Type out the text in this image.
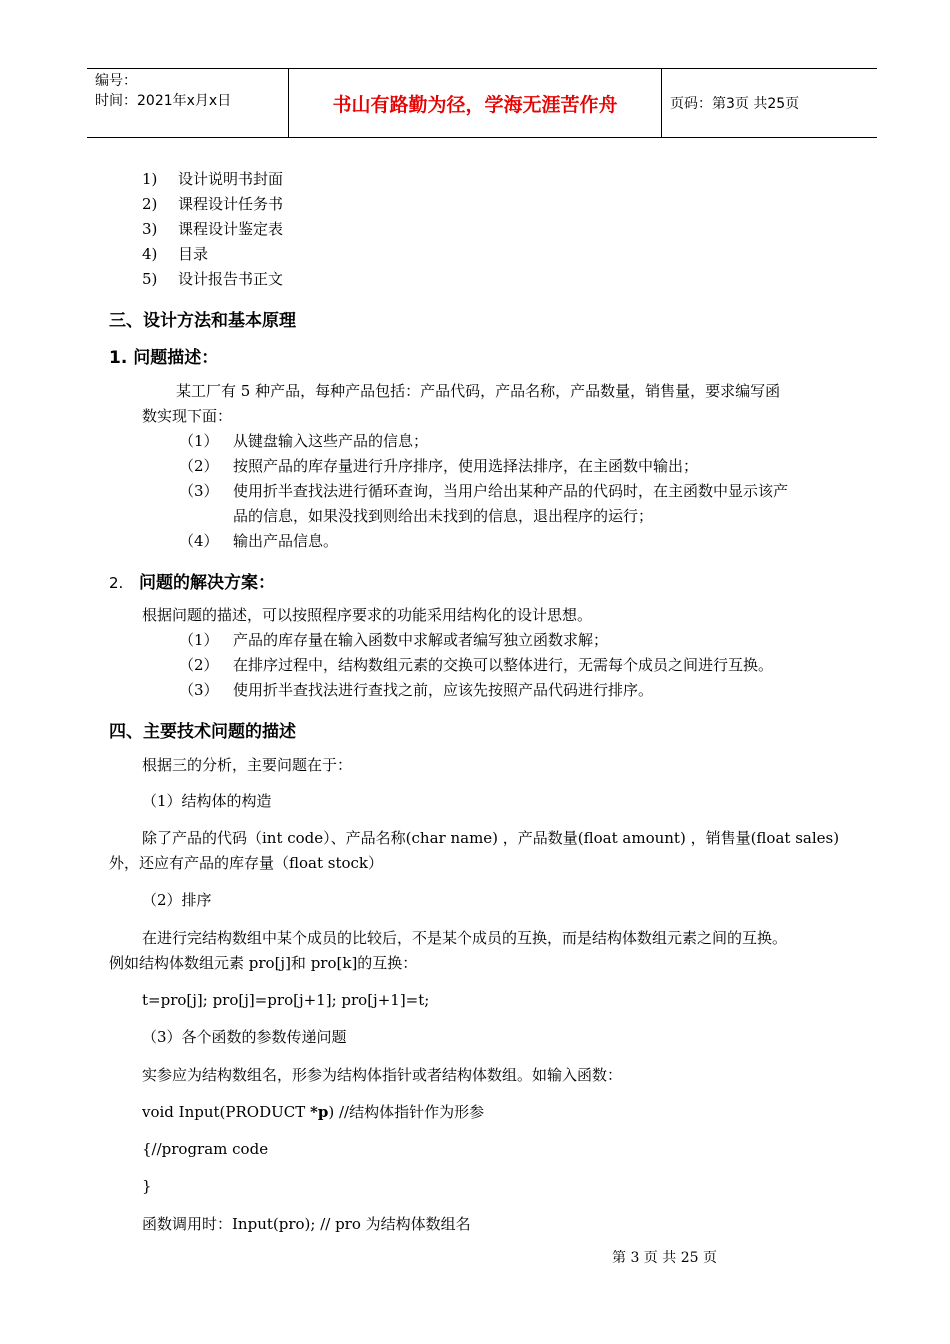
编号：
时间：2021年x月x日	书山有路勤为径，学海无涯苦作舟	页码：第3页 共25页
1) 设计说明书封面
2) 课程设计任务书
3) 课程设计鉴定表
4) 目录
5) 设计报告书正文
三、设计方法和基本原理
1. 问题描述：
某工厂有 5 种产品，每种产品包括：产品代码，产品名称，产品数量，销售量，要求编写函
数实现下面：
（1） 从键盘输入这些产品的信息；
（2） 按照产品的库存量进行升序排序，使用选择法排序，在主函数中输出；
（3） 使用折半查找法进行循环查询，当用户给出某种产品的代码时，在主函数中显示该产
品的信息，如果没找到则给出未找到的信息，退出程序的运行；
（4） 输出产品信息。
2. 问题的解决方案：
根据问题的描述，可以按照程序要求的功能采用结构化的设计思想。
（1） 产品的库存量在输入函数中求解或者编写独立函数求解；
（2） 在排序过程中，结构数组元素的交换可以整体进行，无需每个成员之间进行互换。
（3） 使用折半查找法进行查找之前，应该先按照产品代码进行排序。
四、主要技术问题的描述
根据三的分析，主要问题在于：
（1）结构体的构造
除了产品的代码（int code）、产品名称(char name) ，产品数量(float amount) ，销售量(float sales)
外，还应有产品的库存量（float stock）
（2）排序
在进行完结构数组中某个成员的比较后，不是某个成员的互换，而是结构体数组元素之间的互换。
例如结构体数组元素 pro[j]和 pro[k]的互换：
t=pro[j]; pro[j]=pro[j+1]; pro[j+1]=t;
（3）各个函数的参数传递问题
实参应为结构数组名，形参为结构体指针或者结构体数组。如输入函数：
void Input(PRODUCT *p) //结构体指针作为形参
{//program code
}
函数调用时：Input(pro); // pro 为结构体数组名
第 3 页 共 25 页
